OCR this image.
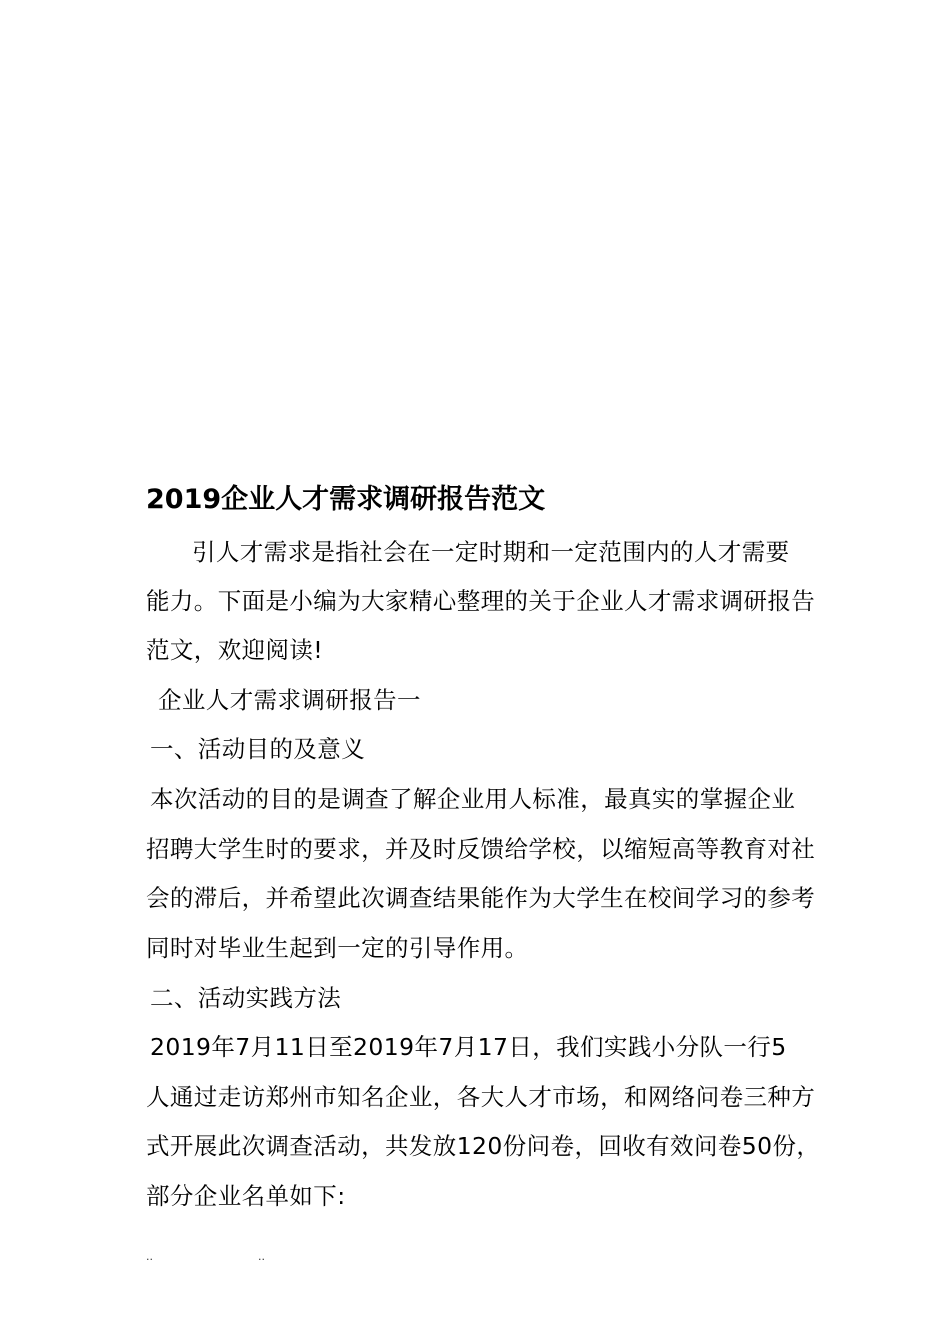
2019企业人才需求调研报告范文
引人才需求是指社会在一定时期和一定范围内的人才需要
能力。下面是小编为大家精心整理的关于企业人才需求调研报告
范文，欢迎阅读!
企业人才需求调研报告一
一、活动目的及意义
本次活动的目的是调查了解企业用人标准，最真实的掌握企业
招聘大学生时的要求，并及时反馈给学校，以缩短高等教育对社
会的滞后，并希望此次调查结果能作为大学生在校间学习的参考
同时对毕业生起到一定的引导作用。
二、活动实践方法
2019年7月11日至2019年7月17日，我们实践小分队一行5
人通过走访郑州市知名企业，各大人才市场，和网络问卷三种方
式开展此次调查活动，共发放120份问卷，回收有效问卷50份，
部分企业名单如下:
..	..
